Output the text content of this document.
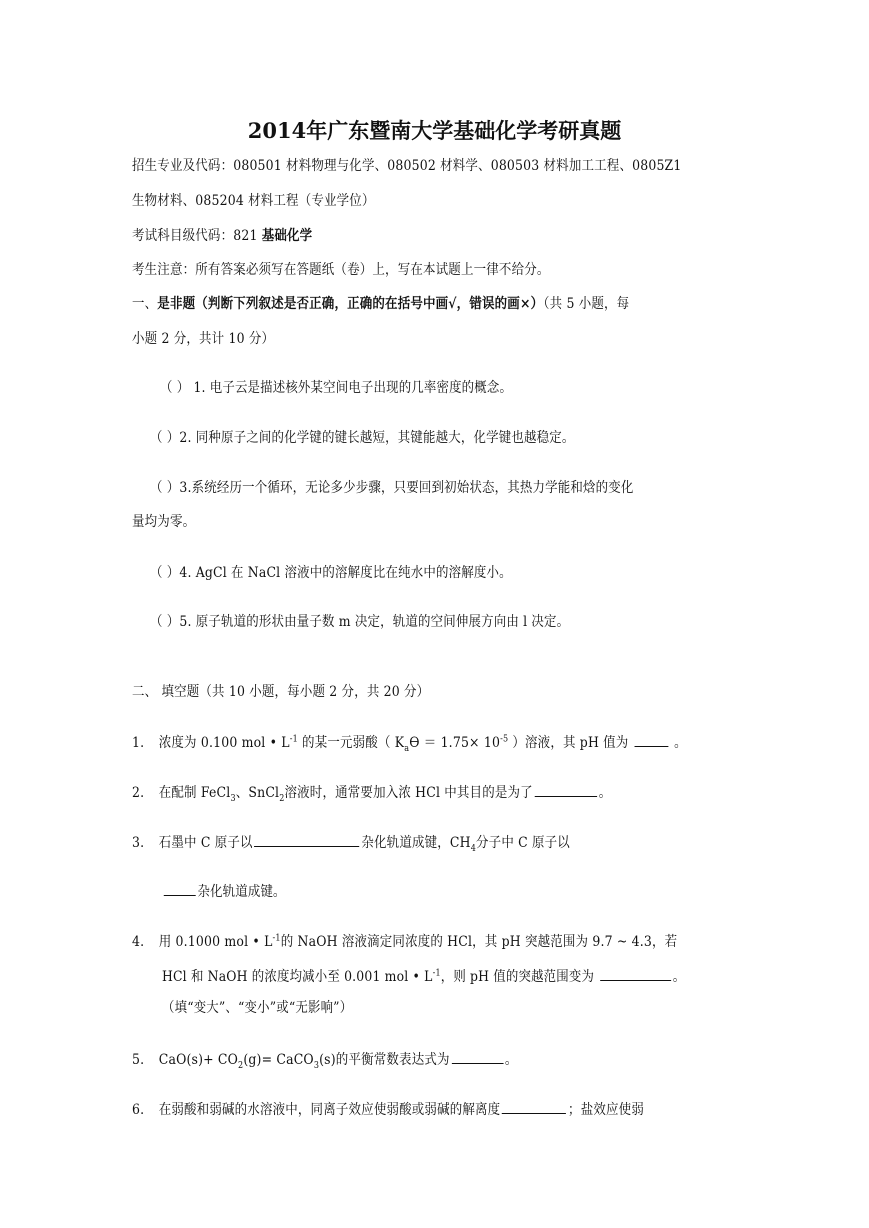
2014年广东暨南大学基础化学考研真题
招生专业及代码：080501 材料物理与化学、080502 材料学、080503 材料加工工程、0805Z1
生物材料、085204 材料工程（专业学位）
考试科目级代码：821 基础化学
考生注意：所有答案必须写在答题纸（卷）上，写在本试题上一律不给分。
一、是非题（判断下列叙述是否正确，正确的在括号中画√，错误的画×）（共 5 小题，每
小题 2 分，共计 10 分）
（ ） 1. 电子云是描述核外某空间电子出现的几率密度的概念。
（ ）2. 同种原子之间的化学键的键长越短，其键能越大，化学键也越稳定。
（ ）3.系统经历一个循环，无论多少步骤，只要回到初始状态，其热力学能和焓的变化
量均为零。
（ ）4. AgCl 在 NaCl 溶液中的溶解度比在纯水中的溶解度小。
（ ）5. 原子轨道的形状由量子数 m 决定，轨道的空间伸展方向由 l 决定。
二、 填空题（共 10 小题，每小题 2 分，共 20 分）
1. 浓度为 0.100 mol • $L^{-1}$ 的某一元弱酸（ $K_aϴ = 1.75\times 10^{-5}$ ）溶液，其 pH 值为	。
2. 在配制 FeCl$_3$、SnCl$_2$溶液时，通常要加入浓 HCl 中其目的是为了	。
3. 石墨中 C 原子以	杂化轨道成键，$CH_4$分子中 C 原子以
杂化轨道成键。
4. 用 0.1000 mol • $L^{-1}$的 NaOH 溶液滴定同浓度的 HCl，其 pH 突越范围为 9.7 ~ 4.3，若
HCl 和 NaOH 的浓度均减小至 0.001 mol • $L^{-1}$，则 pH 值的突越范围变为	。
（填“变大”、“变小”或“无影响”）
5. $CaO(s)+ CO_2(g)=$ CaCO$_3$(s)的平衡常数表达式为	。
6. 在弱酸和弱碱的水溶液中，同离子效应使弱酸或弱碱的解离度	；盐效应使弱
